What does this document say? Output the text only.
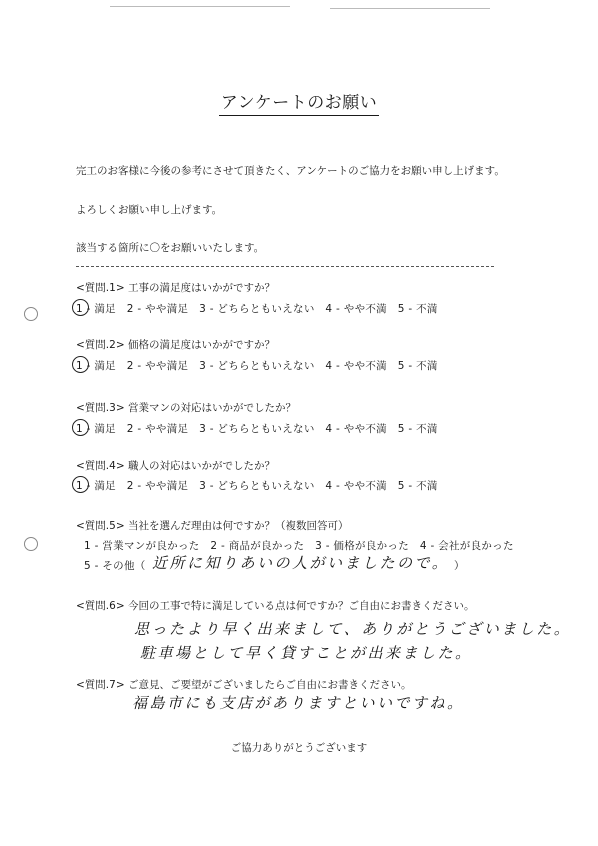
アンケートのお願い
完工のお客様に今後の参考にさせて頂きたく、アンケートのご協力をお願い申し上げます。
よろしくお願い申し上げます。
該当する箇所に〇をお願いいたします。
<質問.1> 工事の満足度はいかがですか？
1 - 満足　2 - やや満足　3 - どちらともいえない　4 - やや不満　5 - 不満
<質問.2> 価格の満足度はいかがですか？
1 - 満足　2 - やや満足　3 - どちらともいえない　4 - やや不満　5 - 不満
<質問.3> 営業マンの対応はいかがでしたか？
1 - 満足　2 - やや満足　3 - どちらともいえない　4 - やや不満　5 - 不満
<質問.4> 職人の対応はいかがでしたか？
1 - 満足　2 - やや満足　3 - どちらともいえない　4 - やや不満　5 - 不満
<質問.5> 当社を選んだ理由は何ですか？（複数回答可）
1 - 営業マンが良かった　2 - 商品が良かった　3 - 価格が良かった　4 - 会社が良かった
5 - その他（ 近所に知りあいの人がいましたので。 ）
<質問.6> 今回の工事で特に満足している点は何ですか？ご自由にお書きください。
思ったより早く出来まして、ありがとうございました。
駐車場として早く貸すことが出来ました。
<質問.7> ご意見、ご要望がございましたらご自由にお書きください。
福島市にも支店がありますといいですね。
ご協力ありがとうございます
